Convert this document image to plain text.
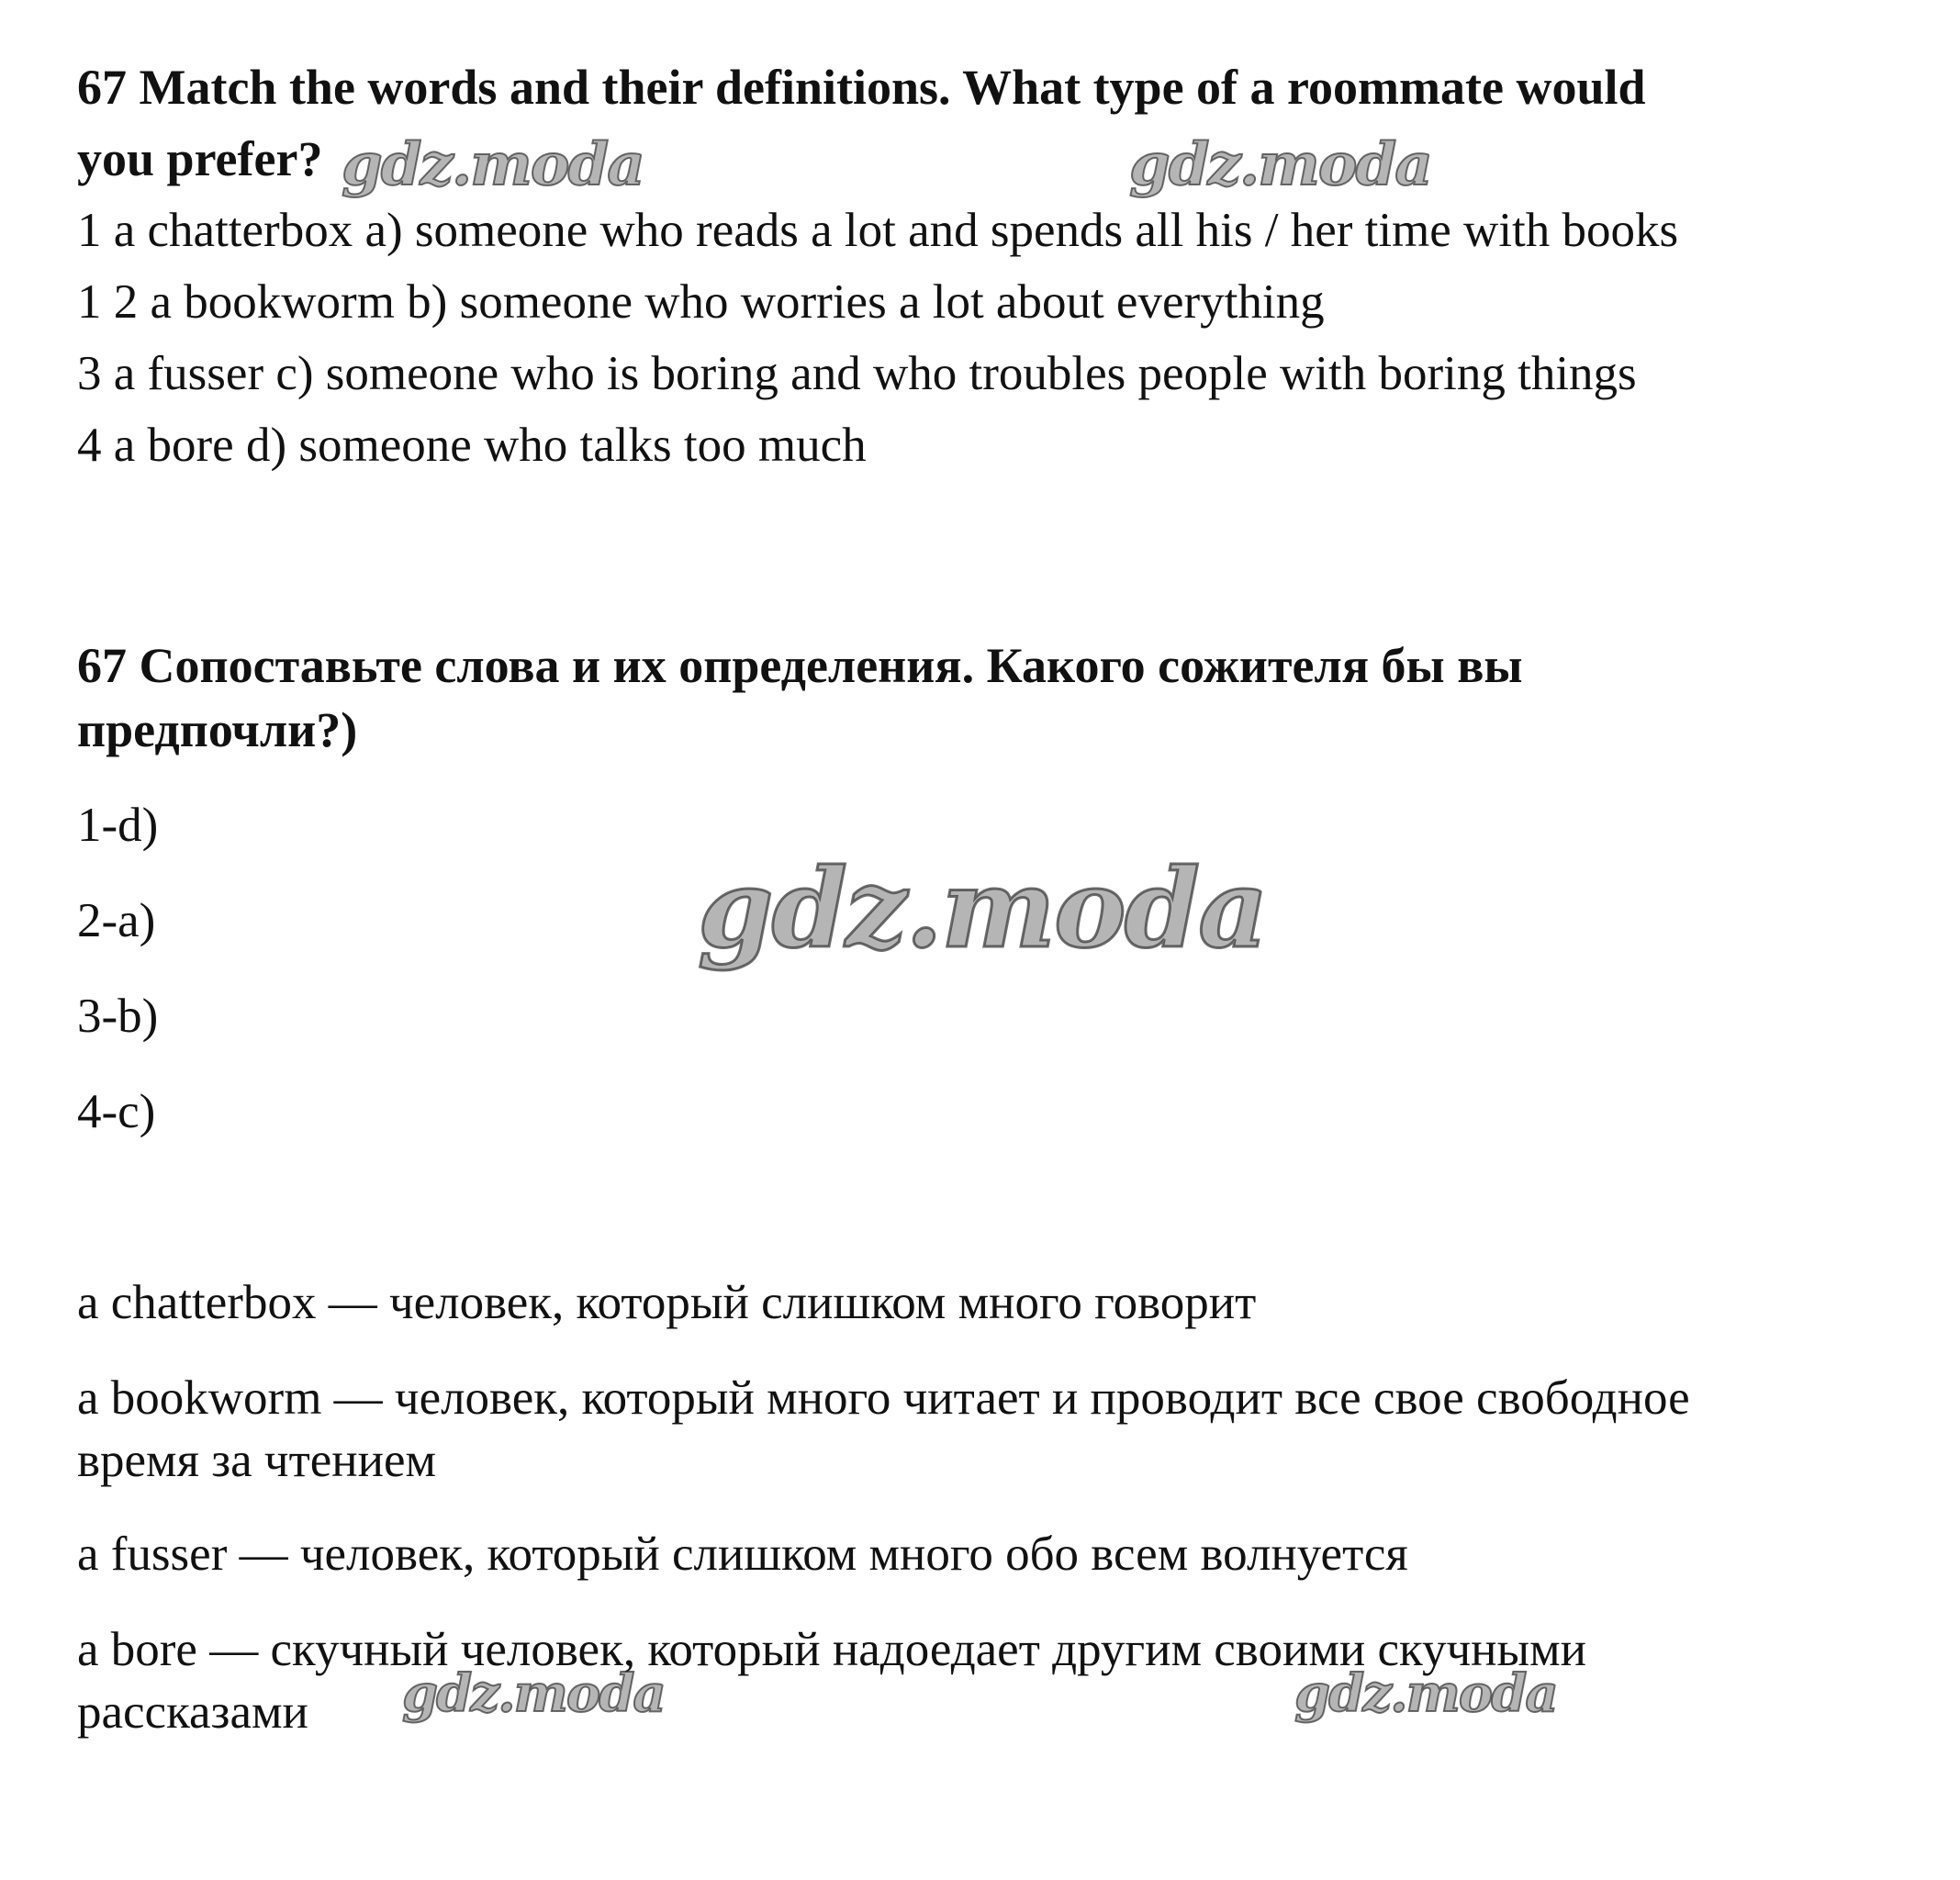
67 Match the words and their definitions. What type of a roommate would
you prefer?
1 a chatterbox a) someone who reads a lot and spends all his / her time with books
1 2 a bookworm b) someone who worries a lot about everything
3 a fusser c) someone who is boring and who troubles people with boring things
4 a bore d) someone who talks too much
67 Сопоставьте слова и их определения. Какого сожителя бы вы
предпочли?)
1-d)
2-a)
3-b)
4-c)
a chatterbox — человек, который слишком много говорит
a bookworm — человек, который много читает и проводит все свое свободное
время за чтением
a fusser — человек, который слишком много обо всем волнуется
a bore — скучный человек, который надоедает другим своими скучными
рассказами
gdz.moda	gdz.moda
gdz.moda
gdz.moda	gdz.moda
